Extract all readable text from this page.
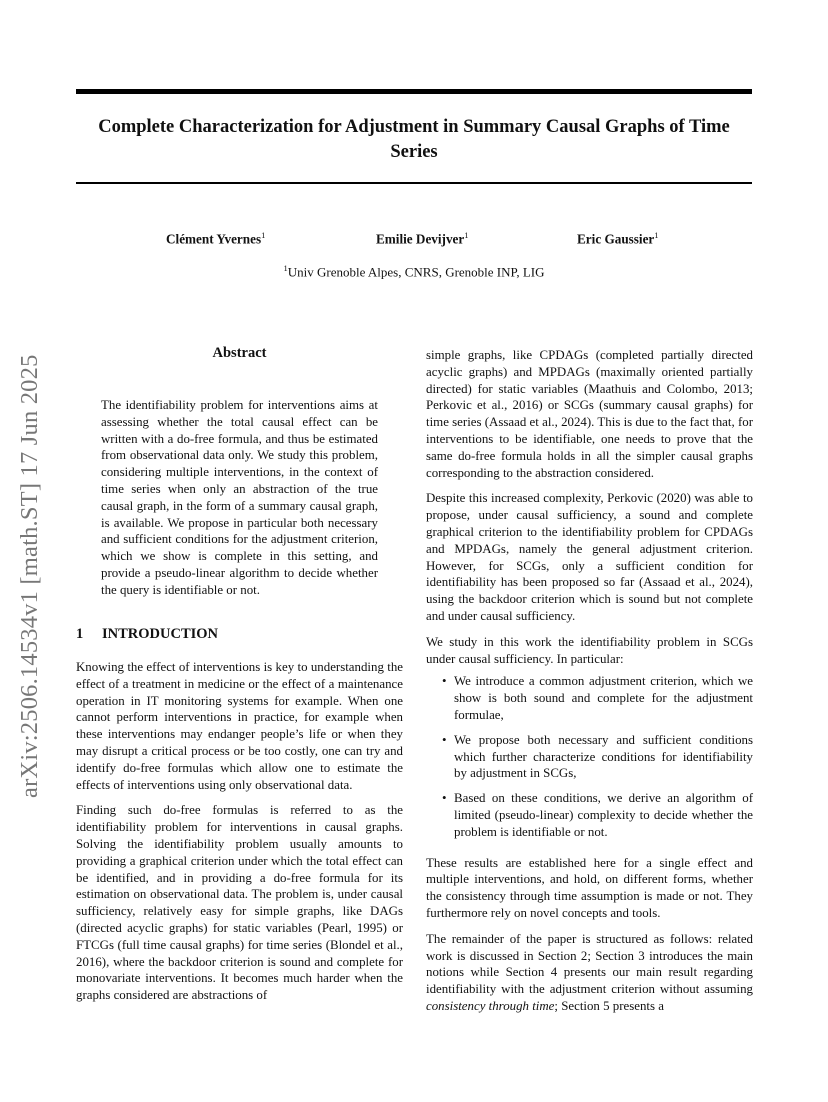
arXiv:2506.14534v1 [math.ST] 17 Jun 2025
Complete Characterization for Adjustment in Summary Causal Graphs of Time Series
Clément Yvernes$^1$	Emilie Devijver$^1$	Eric Gaussier$^1$
$^1$Univ Grenoble Alpes, CNRS, Grenoble INP, LIG
Abstract

The identifiability problem for interventions aims at assessing whether the total causal effect can be written with a do-free formula, and thus be estimated from observational data only. We study this problem, considering multiple interventions, in the context of time series when only an abstraction of the true causal graph, in the form of a summary causal graph, is available. We propose in particular both necessary and sufficient conditions for the adjustment criterion, which we show is complete in this setting, and provide a pseudo-linear algorithm to decide whether the query is identifiable or not.

1 INTRODUCTION

Knowing the effect of interventions is key to understanding the effect of a treatment in medicine or the effect of a maintenance operation in IT monitoring systems for example. When one cannot perform interventions in practice, for example when these interventions may endanger people’s life or when they may disrupt a critical process or be too costly, one can try and identify do-free formulas which allow one to estimate the effects of interventions using only observational data.

Finding such do-free formulas is referred to as the identifiability problem for interventions in causal graphs. Solving the identifiability problem usually amounts to providing a graphical criterion under which the total effect can be identified, and in providing a do-free formula for its estimation on observational data. The problem is, under causal sufficiency, relatively easy for simple graphs, like DAGs (directed acyclic graphs) for static variables (Pearl, 1995) or FTCGs (full time causal graphs) for time series (Blondel et al., 2016), where the backdoor criterion is sound and complete for monovariate interventions. It becomes much harder when the graphs considered are abstractions of

simple graphs, like CPDAGs (completed partially directed acyclic graphs) and MPDAGs (maximally oriented partially directed) for static variables (Maathuis and Colombo, 2013; Perkovic et al., 2016) or SCGs (summary causal graphs) for time series (Assaad et al., 2024). This is due to the fact that, for interventions to be identifiable, one needs to prove that the same do-free formula holds in all the simpler causal graphs corresponding to the abstraction considered.

Despite this increased complexity, Perkovic (2020) was able to propose, under causal sufficiency, a sound and complete graphical criterion to the identifiability problem for CPDAGs and MPDAGs, namely the general adjustment criterion. However, for SCGs, only a sufficient condition for identifiability has been proposed so far (Assaad et al., 2024), using the backdoor criterion which is sound but not complete and under causal sufficiency.

We study in this work the identifiability problem in SCGs under causal sufficiency. In particular:

• We introduce a common adjustment criterion, which we show is both sound and complete for the adjustment formulae,
• We propose both necessary and sufficient conditions which further characterize conditions for identifiability by adjustment in SCGs,
• Based on these conditions, we derive an algorithm of limited (pseudo-linear) complexity to decide whether the problem is identifiable or not.

These results are established here for a single effect and multiple interventions, and hold, on different forms, whether the consistency through time assumption is made or not. They furthermore rely on novel concepts and tools.

The remainder of the paper is structured as follows: related work is discussed in Section 2; Section 3 introduces the main notions while Section 4 presents our main result regarding identifiability with the adjustment criterion without assuming consistency through time; Section 5 presents a
